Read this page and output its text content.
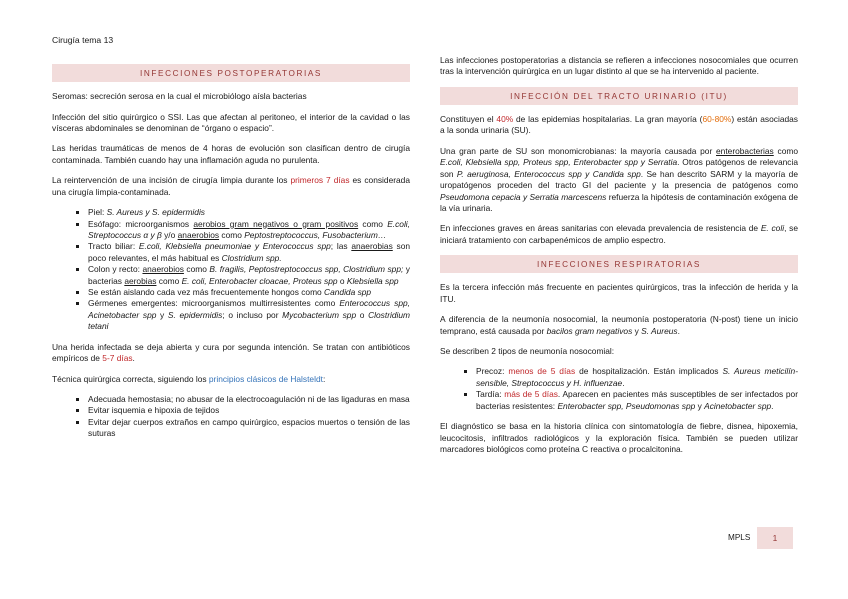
Cirugía tema 13
INFECCIONES POSTOPERATORIAS

Seromas: secreción serosa en la cual el microbiólogo aísla bacterias

Infección del sitio quirúrgico o SSI. Las que afectan al peritoneo, el interior de la cavidad o las vísceras abdominales se denominan de “órgano o espacio”.

Las heridas traumáticas de menos de 4 horas de evolución son clasifican dentro de cirugía contaminada. También cuando hay una inflamación aguda no purulenta.

La reintervención de una incisión de cirugía limpia durante los primeros 7 días es considerada una cirugía limpia-contaminada.

▪ Piel: S. Aureus y S. epidermidis
▪ Esófago: microorganismos aerobios gram negativos o gram positivos como E.coli, Streptococcus α y β y/o anaerobios como Peptostreptococcus, Fusobacterium…
▪ Tracto biliar: E.coli, Klebsiella pneumoniae y Enterococcus spp; las anaerobias son poco relevantes, el más habitual es Clostridium spp.
▪ Colon y recto: anaerobios como B. fragilis, Peptostreptococcus spp, Clostridium spp; y bacterias aerobias como E. coli, Enterobacter cloacae, Proteus spp o Klebsiella spp
▪ Se están aislando cada vez más frecuentemente hongos como Candida spp
▪ Gérmenes emergentes: microorganismos multirresistentes como Enterococcus spp, Acinetobacter spp y S. epidermidis; o incluso por Mycobacterium spp o Clostridium tetani

Una herida infectada se deja abierta y cura por segunda intención. Se tratan con antibióticos empíricos de 5-7 días.

Técnica quirúrgica correcta, siguiendo los principios clásicos de Halsteldt:

▪ Adecuada hemostasia; no abusar de la electrocoagulación ni de las ligaduras en masa
▪ Evitar isquemia e hipoxia de tejidos
▪ Evitar dejar cuerpos extraños en campo quirúrgico, espacios muertos o tensión de las suturas

Las infecciones postoperatorias a distancia se refieren a infecciones nosocomiales que ocurren tras la intervención quirúrgica en un lugar distinto al que se ha intervenido al paciente.

INFECCIÓN DEL TRACTO URINARIO (ITU)

Constituyen el 40% de las epidemias hospitalarias. La gran mayoría (60-80%) están asociadas a la sonda urinaria (SU).

Una gran parte de SU son monomicrobianas: la mayoría causada por enterobacterias como E.coli, Klebsiella spp, Proteus spp, Enterobacter spp y Serratia. Otros patógenos de relevancia son P. aeruginosa, Enterococcus spp y Candida spp. Se han descrito SARM y la mayoría de uropatógenos proceden del tracto GI del paciente y la presencia de patógenos como Pseudomona cepacia y Serratia marcescens refuerza la hipótesis de contaminación exógena de la vía urinaria.

En infecciones graves en áreas sanitarias con elevada prevalencia de resistencia de E. coli, se iniciará tratamiento con carbapenémicos de amplio espectro.

INFECCIONES RESPIRATORIAS

Es la tercera infección más frecuente en pacientes quirúrgicos, tras la infección de herida y la ITU.

A diferencia de la neumonía nosocomial, la neumonía postoperatoria (N-post) tiene un inicio temprano, está causada por bacilos gram negativos y S. Aureus.

Se describen 2 tipos de neumonía nosocomial:

▪ Precoz: menos de 5 días de hospitalización. Están implicados S. Aureus meticilín-sensible, Streptococcus y H. influenzae.
▪ Tardía: más de 5 días. Aparecen en pacientes más susceptibles de ser infectados por bacterias resistentes: Enterobacter spp, Pseudomonas spp y Acinetobacter spp.

El diagnóstico se basa en la historia clínica con sintomatología de fiebre, disnea, hipoxemia, leucocitosis, infiltrados radiológicos y la exploración física. También se pueden utilizar marcadores biológicos como proteína C reactiva o procalcitonina.

MPLS	1
